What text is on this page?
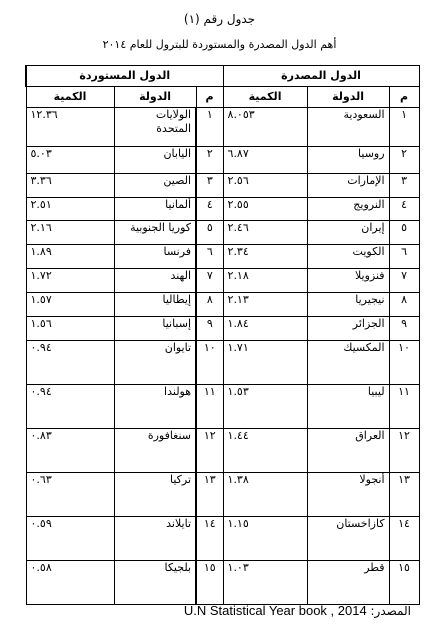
جدول رقم (١)
أهم الدول المصدرة والمستوردة للبترول للعام ٢٠١٤
الدول المصدرة			الدول المستوردة		
م	الدولة	الكمية	م	الدولة	الكمية
١	السعودية	٨.٠٥٣	١	الولايات المتحدة	١٢.٣٦
٢	روسيا	٦.٨٧	٢	اليابان	٥.٠٣
٣	الإمارات	٢.٥٦	٣	الصين	٣.٣٦
٤	النرويج	٢.٥٥	٤	ألمانيا	٢.٥١
٥	إيران	٢.٤٦	٥	كوريا الجنوبية	٢.١٦
٦	الكويت	٢.٣٤	٦	فرنسا	١.٨٩
٧	فنزويلا	٢.١٨	٧	الهند	١.٧٢
٨	نيجيريا	٢.١٣	٨	إيطاليا	١.٥٧
٩	الجزائر	١.٨٤	٩	إسبانيا	١.٥٦
١٠	المكسيك	١.٧١	١٠	تايوان	٠.٩٤
١١	ليبيا	١.٥٣	١١	هولندا	٠.٩٤
١٢	العراق	١.٤٤	١٢	سنغافورة	٠.٨٣
١٣	أنجولا	١.٣٨	١٣	تركيا	٠.٦٣
١٤	كازاخستان	١.١٥	١٤	تايلاند	٠.٥٩
١٥	قطر	١.٠٣	١٥	بلجيكا	٠.٥٨
المصدر: U.N Statistical Year book , 2014
